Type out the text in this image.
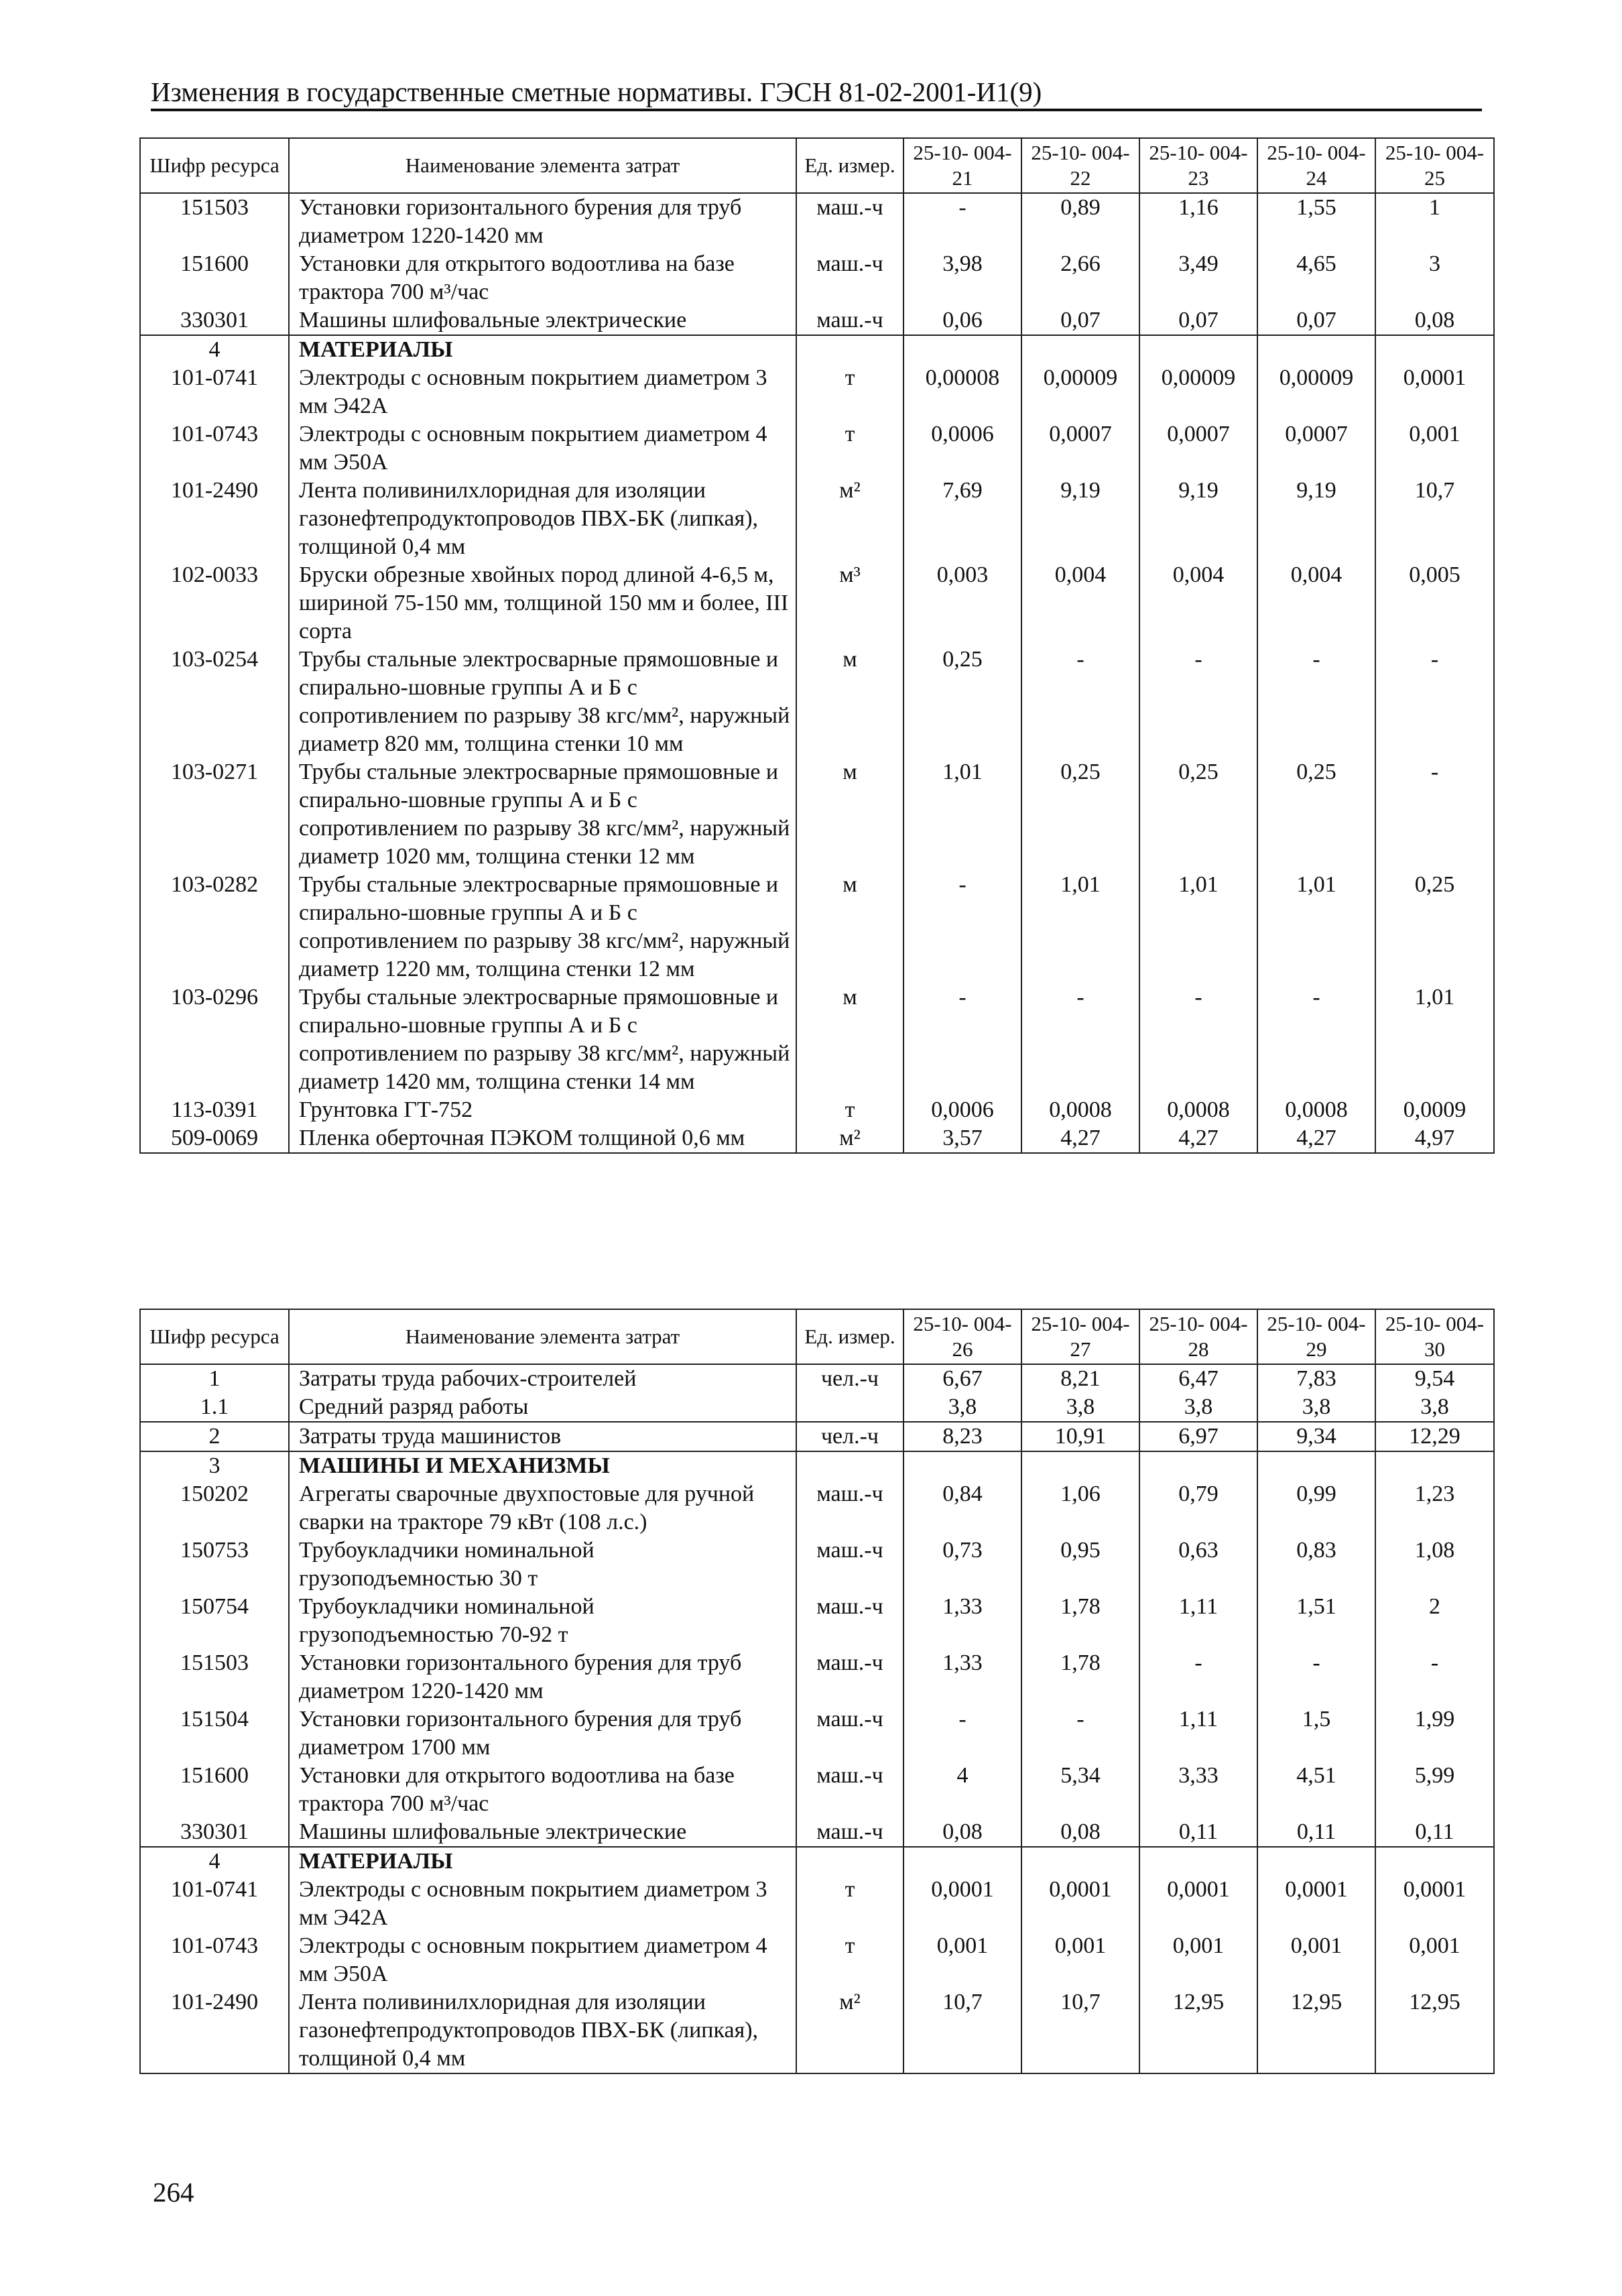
Изменения в государственные сметные нормативы. ГЭСН 81-02-2001-И1(9)
Шифр ресурса	Наименование элемента затрат	Ед. измер.	25-10- 004-21	25-10- 004-22	25-10- 004-23	25-10- 004-24	25-10- 004-25
151503	Установки горизонтального бурения для труб диаметром 1220-1420 мм	маш.-ч	-	0,89	1,16	1,55	1
151600	Установки для открытого водоотлива на базе трактора 700 м³/час	маш.-ч	3,98	2,66	3,49	4,65	3
330301	Машины шлифовальные электрические	маш.-ч	0,06	0,07	0,07	0,07	0,08
4	МАТЕРИАЛЫ						
101-0741	Электроды с основным покрытием диаметром 3 мм Э42А	т	0,00008	0,00009	0,00009	0,00009	0,0001
101-0743	Электроды с основным покрытием диаметром 4 мм Э50А	т	0,0006	0,0007	0,0007	0,0007	0,001
101-2490	Лента поливинилхлоридная для изоляции газонефтепродуктопроводов ПВХ-БК (липкая), толщиной 0,4 мм	м²	7,69	9,19	9,19	9,19	10,7
102-0033	Бруски обрезные хвойных пород длиной 4-6,5 м, шириной 75-150 мм, толщиной 150 мм и более, III сорта	м³	0,003	0,004	0,004	0,004	0,005
103-0254	Трубы стальные электросварные прямошовные и спирально-шовные группы А и Б с сопротивлением по разрыву 38 кгс/мм², наружный диаметр 820 мм, толщина стенки 10 мм	м	0,25	-	-	-	-
103-0271	Трубы стальные электросварные прямошовные и спирально-шовные группы А и Б с сопротивлением по разрыву 38 кгс/мм², наружный диаметр 1020 мм, толщина стенки 12 мм	м	1,01	0,25	0,25	0,25	-
103-0282	Трубы стальные электросварные прямошовные и спирально-шовные группы А и Б с сопротивлением по разрыву 38 кгс/мм², наружный диаметр 1220 мм, толщина стенки 12 мм	м	-	1,01	1,01	1,01	0,25
103-0296	Трубы стальные электросварные прямошовные и спирально-шовные группы А и Б с сопротивлением по разрыву 38 кгс/мм², наружный диаметр 1420 мм, толщина стенки 14 мм	м	-	-	-	-	1,01
113-0391	Грунтовка ГТ-752	т	0,0006	0,0008	0,0008	0,0008	0,0009
509-0069	Пленка оберточная ПЭКОМ толщиной 0,6 мм	м²	3,57	4,27	4,27	4,27	4,97
Шифр ресурса	Наименование элемента затрат	Ед. измер.	25-10- 004-26	25-10- 004-27	25-10- 004-28	25-10- 004-29	25-10- 004-30
1	Затраты труда рабочих-строителей	чел.-ч	6,67	8,21	6,47	7,83	9,54
1.1	Средний разряд работы		3,8	3,8	3,8	3,8	3,8
2	Затраты труда машинистов	чел.-ч	8,23	10,91	6,97	9,34	12,29
3	МАШИНЫ И МЕХАНИЗМЫ						
150202	Агрегаты сварочные двухпостовые для ручной сварки на тракторе 79 кВт (108 л.с.)	маш.-ч	0,84	1,06	0,79	0,99	1,23
150753	Трубоукладчики номинальной грузоподъемностью 30 т	маш.-ч	0,73	0,95	0,63	0,83	1,08
150754	Трубоукладчики номинальной грузоподъемностью 70-92 т	маш.-ч	1,33	1,78	1,11	1,51	2
151503	Установки горизонтального бурения для труб диаметром 1220-1420 мм	маш.-ч	1,33	1,78	-	-	-
151504	Установки горизонтального бурения для труб диаметром 1700 мм	маш.-ч	-	-	1,11	1,5	1,99
151600	Установки для открытого водоотлива на базе трактора 700 м³/час	маш.-ч	4	5,34	3,33	4,51	5,99
330301	Машины шлифовальные электрические	маш.-ч	0,08	0,08	0,11	0,11	0,11
4	МАТЕРИАЛЫ						
101-0741	Электроды с основным покрытием диаметром 3 мм Э42А	т	0,0001	0,0001	0,0001	0,0001	0,0001
101-0743	Электроды с основным покрытием диаметром 4 мм Э50А	т	0,001	0,001	0,001	0,001	0,001
101-2490	Лента поливинилхлоридная для изоляции газонефтепродуктопроводов ПВХ-БК (липкая), толщиной 0,4 мм	м²	10,7	10,7	12,95	12,95	12,95
264
